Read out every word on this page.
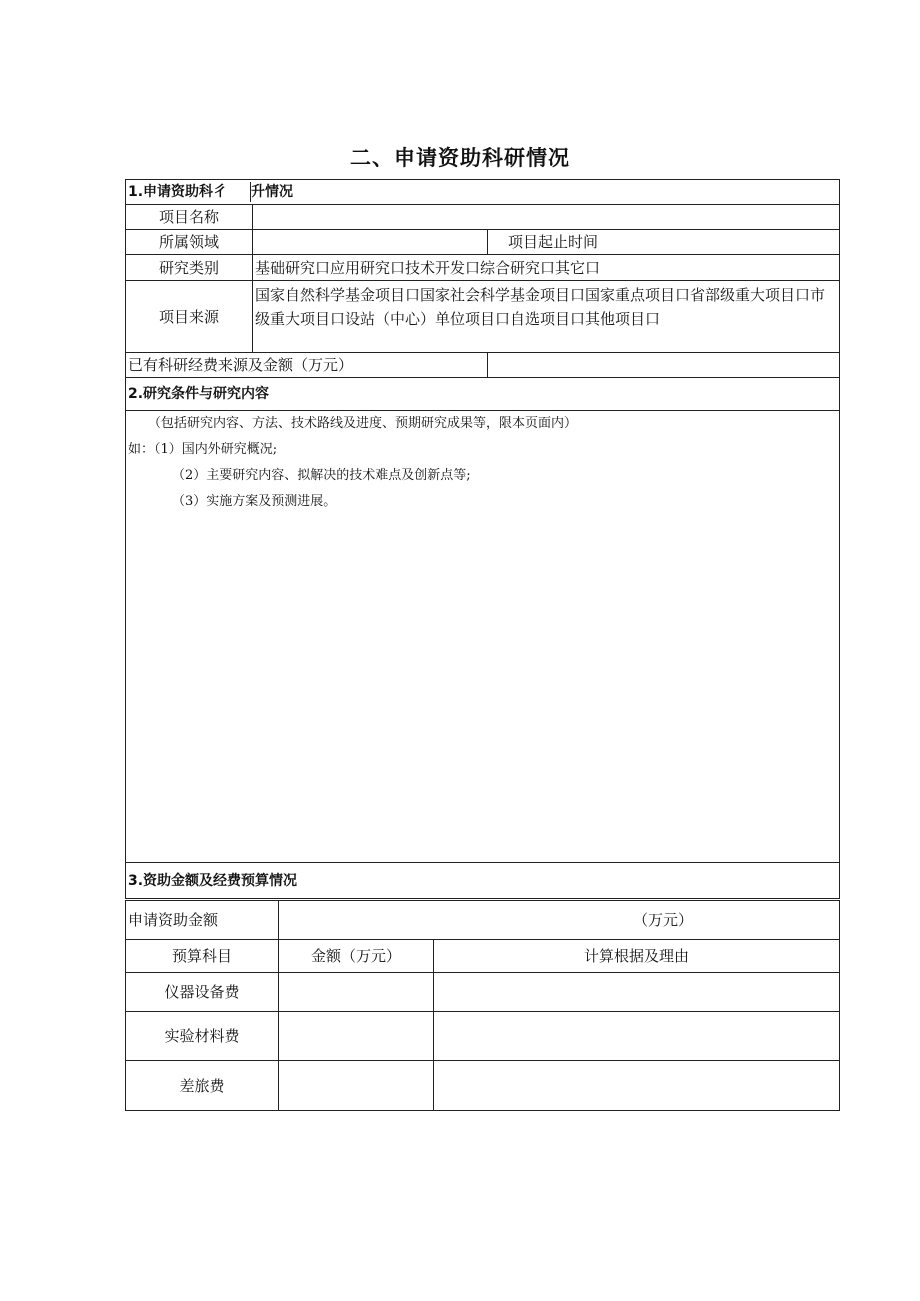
二、申请资助科研情况
1.申请资助科彳 升情况		
项目名称		
所属领域		项目起止时间
研究类别	基础研究口应用研究口技术开发口综合研究口其它口	
项目来源	国家自然科学基金项目口国家社会科学基金项目口国家重点项目口省部级重大项目口市级重大项目口设站（中心）单位项目口自选项目口其他项目口	
已有科研经费来源及金额（万元）		
2.研究条件与研究内容		

（包括研究内容、方法、技术路线及进度、预期研究成果等，限本页面内）
如：（1）国内外研究概况;
（2）主要研究内容、拟解决的技术难点及创新点等;
（3）实施方案及预测进展。		

3.资助金额及经费预算情况		
申请资助金额	（万元）	
预算科目	金额（万元）	计算根据及理由
仪器设备费		
实验材料费		
差旅费		
